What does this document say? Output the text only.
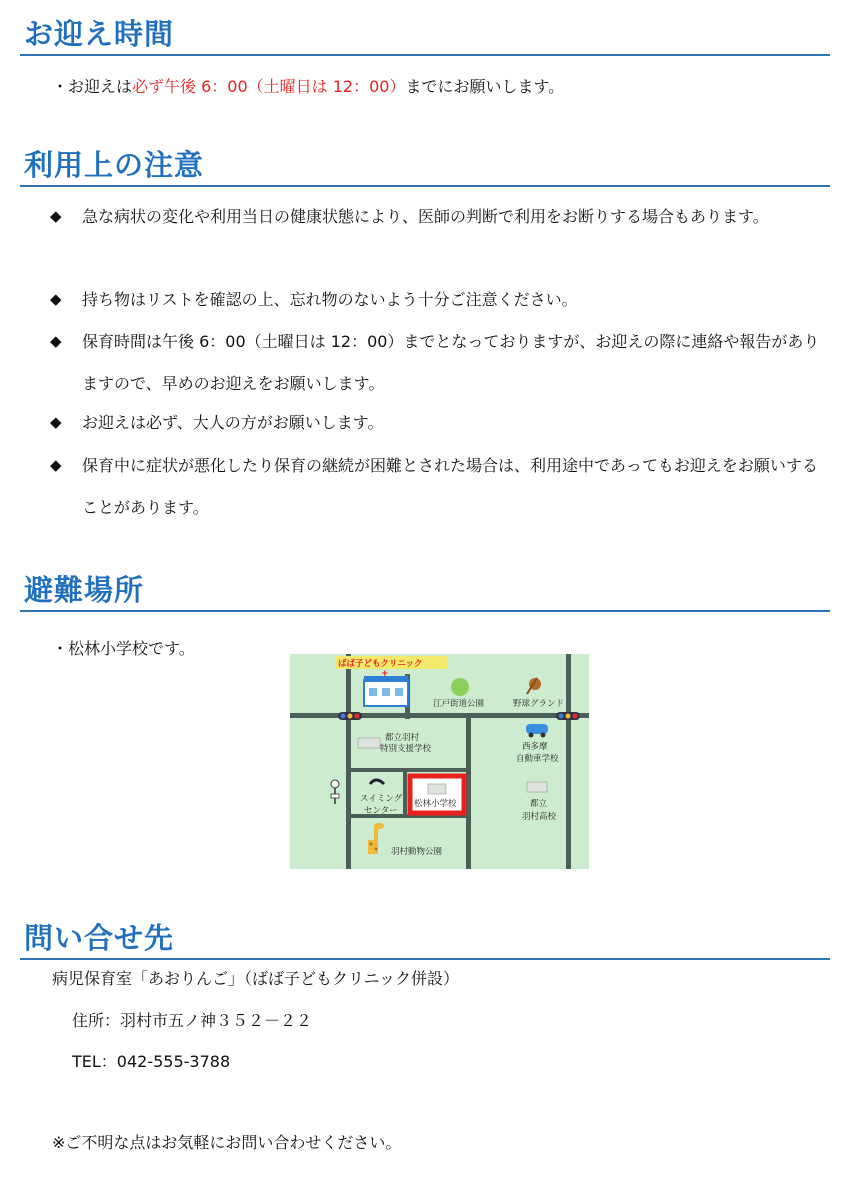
お迎え時間
・お迎えは必ず午後 6：00（土曜日は 12：00）までにお願いします。
利用上の注意
◆ 急な病状の変化や利用当日の健康状態により、医師の判断で利用をお断りする場合もあります。
◆ 持ち物はリストを確認の上、忘れ物のないよう十分ご注意ください。
◆ 保育時間は午後 6：00（土曜日は 12：00）までとなっておりますが、お迎えの際に連絡や報告がありますので、早めのお迎えをお願いします。
◆ お迎えは必ず、大人の方がお願いします。
◆ 保育中に症状が悪化したり保育の継続が困難とされた場合は、利用途中であってもお迎えをお願いすることがあります。
避難場所
・松林小学校です。
ばば子どもクリニック
+
江戸街道公園	野球グランド
都立羽村
特別支援学校	西多摩
自動車学校
スイミング
センター
松林小学校	都立
羽村高校
羽村動物公園
問い合せ先
病児保育室「あおりんご」（ばば子どもクリニック併設）
住所：羽村市五ノ神３５２－２２
TEL：042-555-3788
※ご不明な点はお気軽にお問い合わせください。
